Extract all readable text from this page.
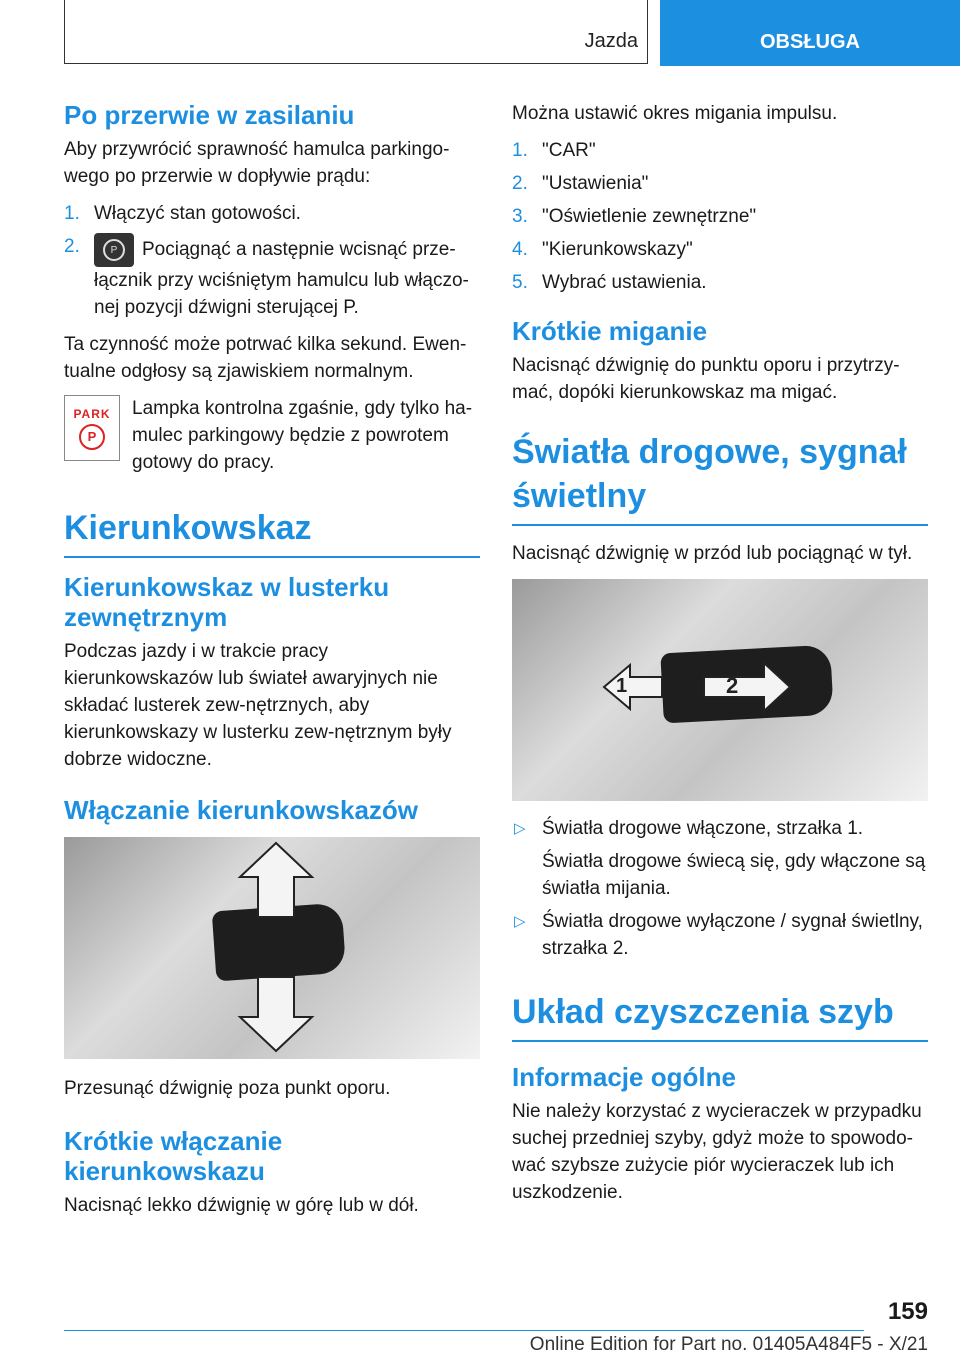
Jazda	OBSŁUGA
Po przerwie w zasilaniu
Aby przywrócić sprawność hamulca parkingo-wego po przerwie w dopływie prądu:
1. Włączyć stan gotowości.
2.	P	Pociągnąć a następnie wcisnąć prze-łącznik przy wciśniętym hamulcu lub włączo-nej pozycji dźwigni sterującej P.
Ta czynność może potrwać kilka sekund. Ewen-tualne odgłosy są zjawiskiem normalnym.
PARK
P
Lampka kontrolna zgaśnie, gdy tylko ha-mulec parkingowy będzie z powrotem gotowy do pracy.
Kierunkowskaz
Kierunkowskaz w lusterku zewnętrznym
Podczas jazdy i w trakcie pracy kierunkowskazów lub świateł awaryjnych nie składać lusterek zew-nętrznych, aby kierunkowskazy w lusterku zew-nętrznym były dobrze widoczne.
Włączanie kierunkowskazów
Przesunąć dźwignię poza punkt oporu.
Krótkie włączanie kierunkowskazu
Nacisnąć lekko dźwignię w górę lub w dół.
Można ustawić okres migania impulsu.
1. "CAR"
2. "Ustawienia"
3. "Oświetlenie zewnętrzne"
4. "Kierunkowskazy"
5. Wybrać ustawienia.
Krótkie miganie
Nacisnąć dźwignię do punktu oporu i przytrzy-mać, dopóki kierunkowskaz ma migać.
Światła drogowe, sygnał świetlny
Nacisnąć dźwignię w przód lub pociągnąć w tył.
1	2
▷ Światła drogowe włączone, strzałka 1.
Światła drogowe świecą się, gdy włączone są światła mijania.
▷ Światła drogowe wyłączone / sygnał świetlny, strzałka 2.
Układ czyszczenia szyb
Informacje ogólne
Nie należy korzystać z wycieraczek w przypadku suchej przedniej szyby, gdyż może to spowodo-wać szybsze zużycie piór wycieraczek lub ich uszkodzenie.
159
Online Edition for Part no. 01405A484F5 - X/21
